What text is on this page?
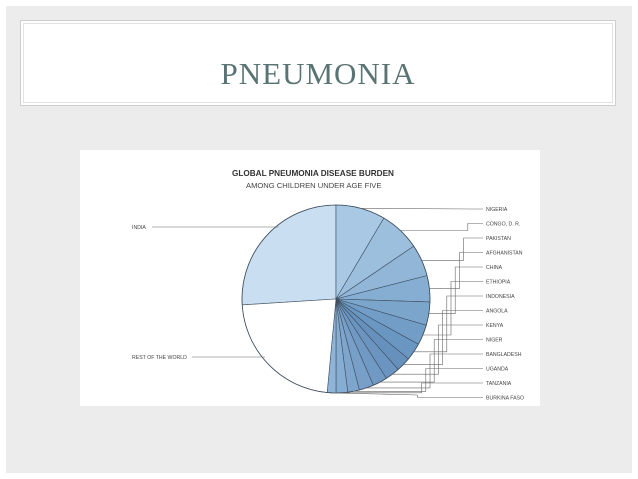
PNEUMONIA
GLOBAL PNEUMONIA DISEASE BURDEN
AMONG CHILDREN UNDER AGE FIVE
INDIA
REST OF THE WORLD
NIGERIA
CONGO, D. R.
PAKISTAN
AFGHANISTAN
CHINA
ETHIOPIA
INDONESIA
ANGOLA
KENYA
NIGER
BANGLADESH
UGANDA
TANZANIA
BURKINA FASO
